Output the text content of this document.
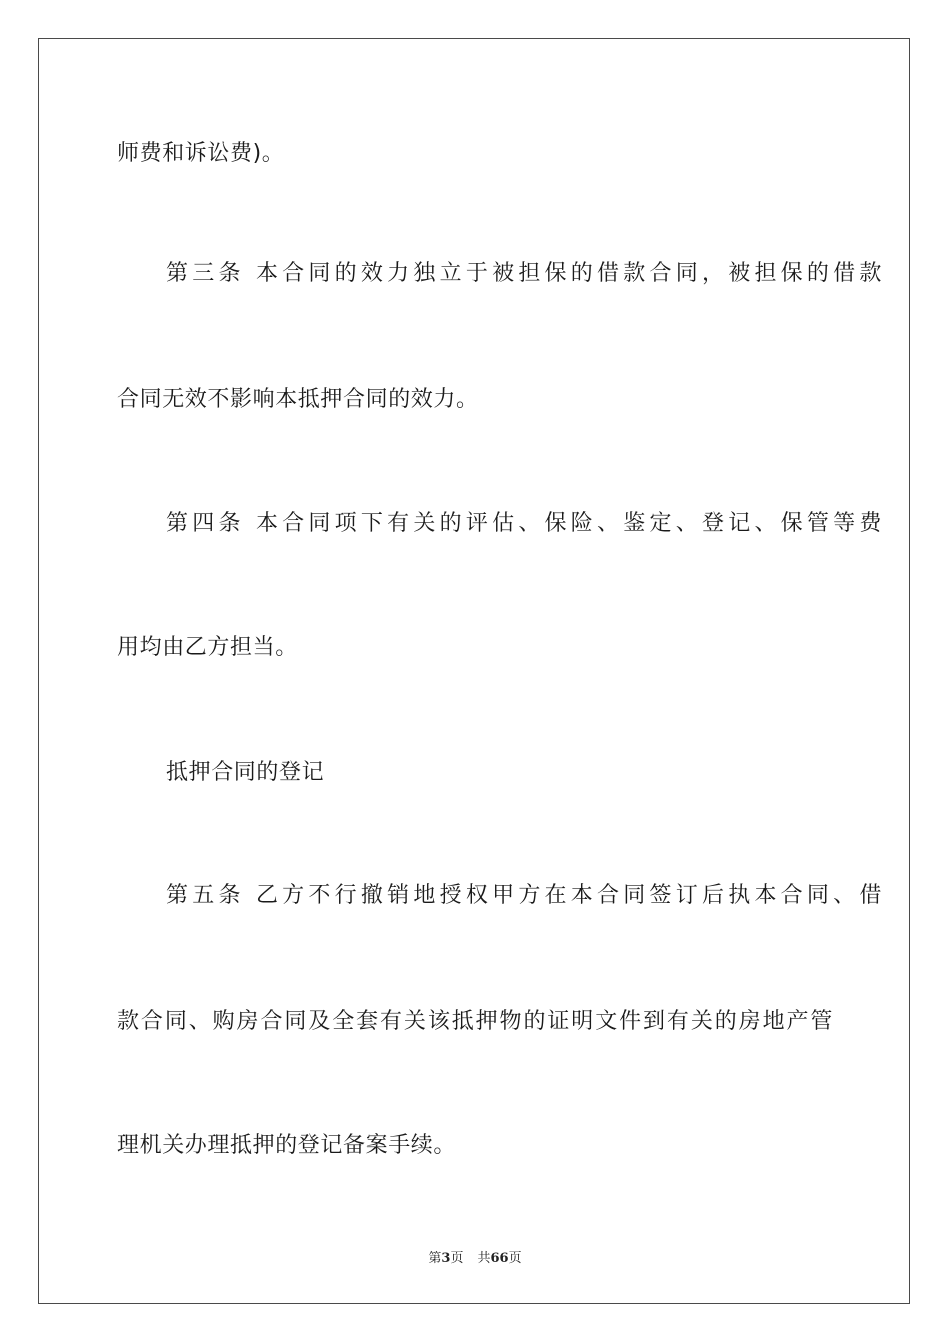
师费和诉讼费)。
第三条 本合同的效力独立于被担保的借款合同，被担保的借款
合同无效不影响本抵押合同的效力。
第四条 本合同项下有关的评估、保险、鉴定、登记、保管等费
用均由乙方担当。
抵押合同的登记
第五条 乙方不行撤销地授权甲方在本合同签订后执本合同、借
款合同、购房合同及全套有关该抵押物的证明文件到有关的房地产管
理机关办理抵押的登记备案手续。
第3页 共66页
